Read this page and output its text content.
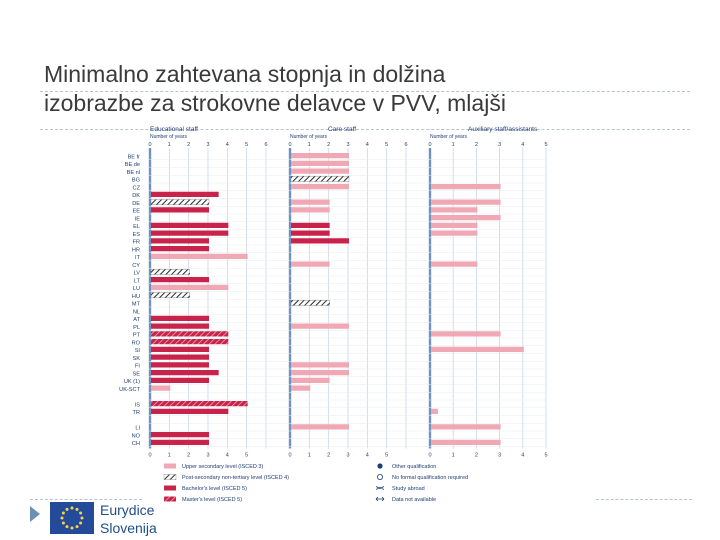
Minimalno zahtevana stopnja in dolžina
izobrazbe za strokovne delavce v PVV, mlajši
Educational staff
Number of years
0	1	2	3	4	5	6
0	1	2	3	4	5
Care staff
Number of years
0	1	2	3	4	5	6
0	1	2	3	4	5
Auxiliary staff/assistants
Number of years
0	1	2	3	4	5
0	1	2	3	4	5
BE fr
BE de
BE nl
BG
CZ
DK
DE
EE
IE
EL
ES
FR
HR
IT
CY
LV
LT
LU
HU
MT
NL
AT
PL
PT
RO
SI
SK
FI
SE
UK (1)
UK-SCT
IS
TR
LI
NO
CH
Upper secondary level (ISCED 3)
Post-secondary non-tertiary level (ISCED 4)
Bachelor's level (ISCED 5)
Master's level (ISCED 5)
Other qualification
No formal qualification required
Study abroad
Data not available
Eurydice
Slovenija
